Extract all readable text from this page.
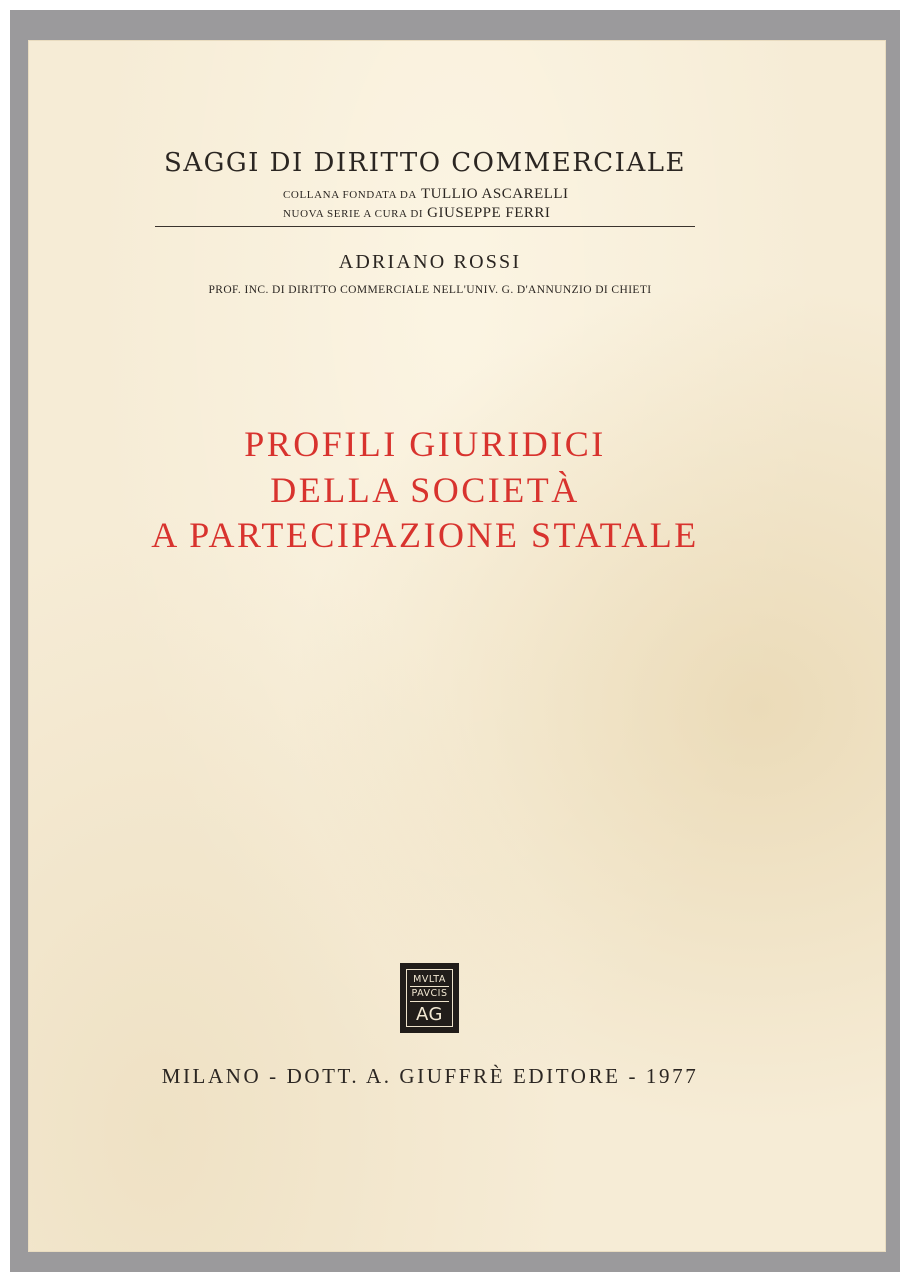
SAGGI DI DIRITTO COMMERCIALE
COLLANA FONDATA DA TULLIO ASCARELLI
NUOVA SERIE A CURA DI GIUSEPPE FERRI
ADRIANO ROSSI
PROF. INC. DI DIRITTO COMMERCIALE NELL'UNIV. G. D'ANNUNZIO DI CHIETI
PROFILI GIURIDICI
DELLA SOCIETÀ
A PARTECIPAZIONE STATALE
MVLTA
PAVCIS
AG
MILANO - DOTT. A. GIUFFRÈ EDITORE - 1977
